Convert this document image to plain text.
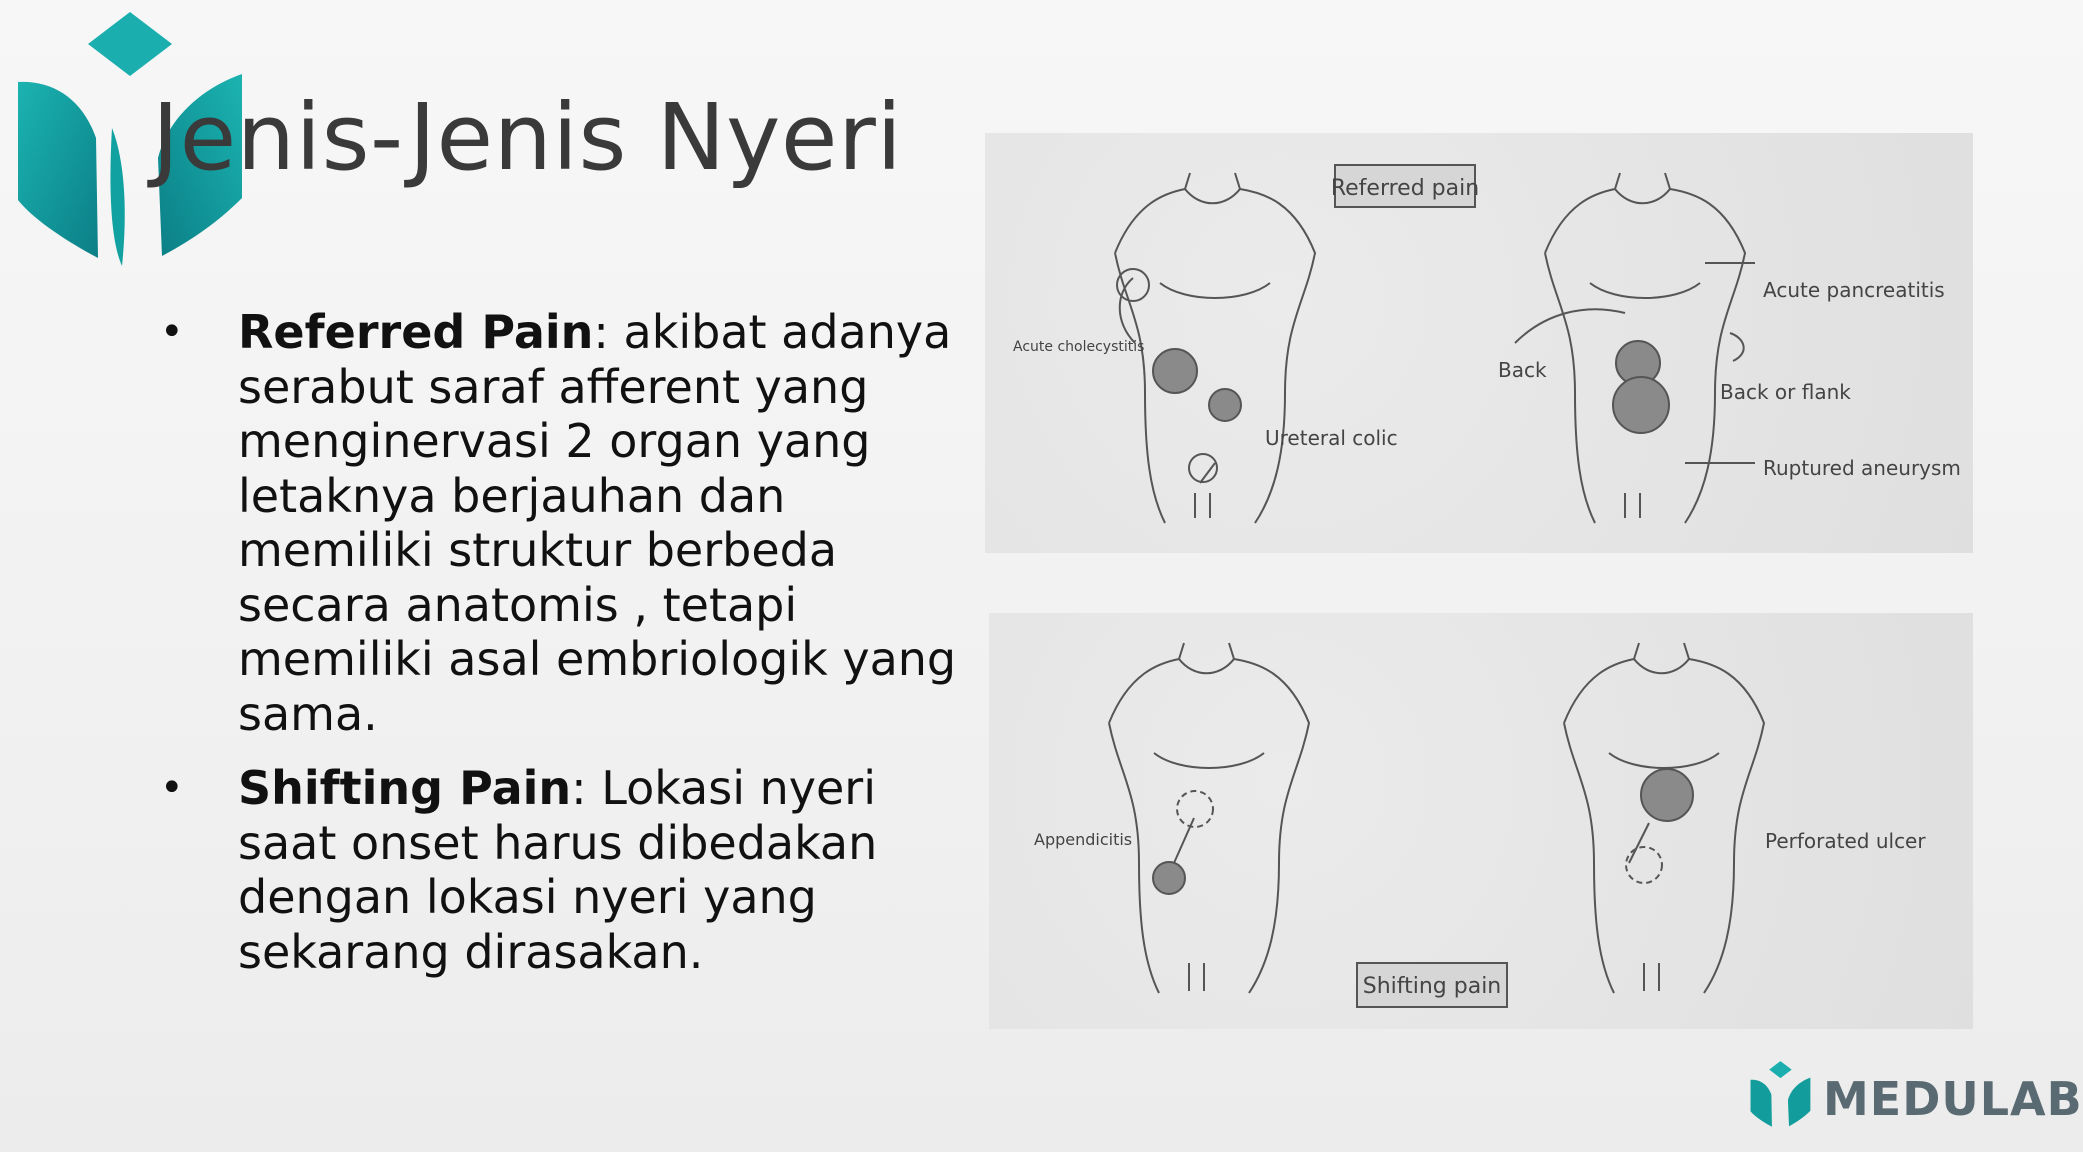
Jenis-Jenis Nyeri
• Referred Pain: akibat adanya serabut saraf afferent yang menginervasi 2 organ yang letaknya berjauhan dan memiliki struktur berbeda secara anatomis , tetapi memiliki asal embriologik yang sama.
• Shifting Pain: Lokasi nyeri saat onset harus dibedakan dengan lokasi nyeri yang sekarang dirasakan.
Referred pain
Acute cholecystitis
Ureteral colic
Back
Acute pancreatitis
Back or flank
Ruptured aneurysm
Shifting pain
Appendicitis	Perforated ulcer
MEDULAB
